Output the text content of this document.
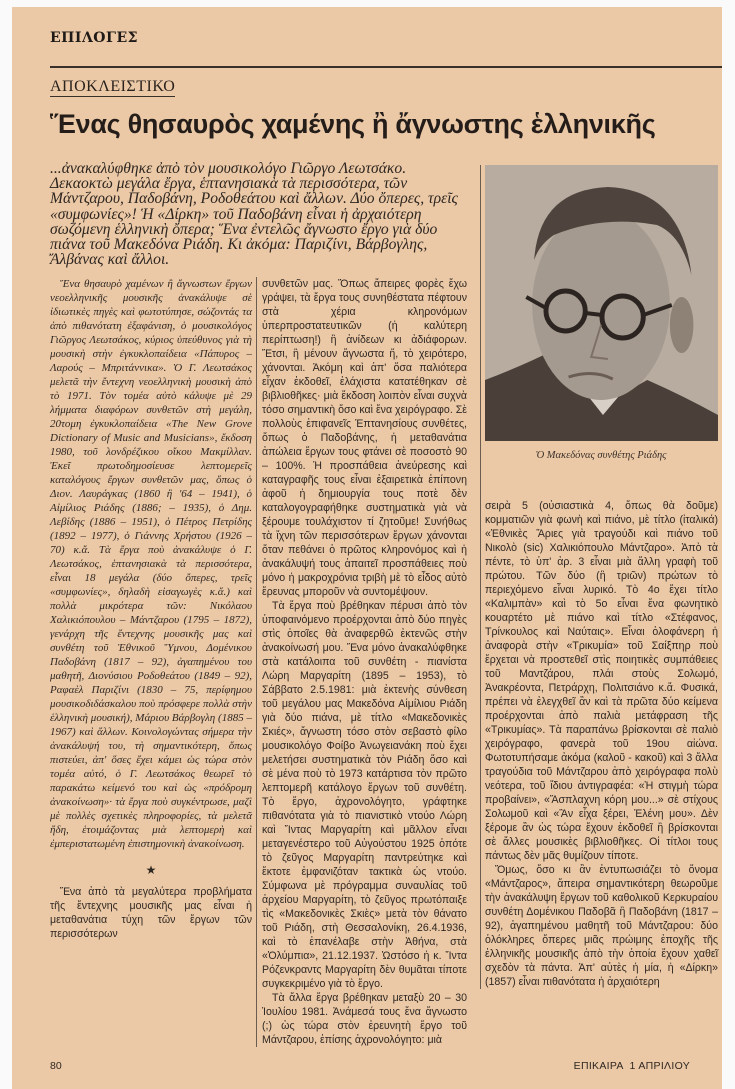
ΕΠΙΛΟΓΕΣ
ΑΠΟΚΛΕΙΣΤΙΚΟ
Ἕνας θησαυρὸς χαμένης ἢ ἄγνωστης ἑλληνικῆς
...ἀνακαλύφθηκε ἀπὸ τὸν μουσικολόγο Γιῶργο Λεωτσάκο. Δεκαοκτὼ μεγάλα ἔργα, ἑπτανησιακὰ τὰ περισσότερα, τῶν Μάντζαρου, Παδοβάνη, Ροδοθεάτου καὶ ἄλλων. Δύο ὄπερες, τρεῖς «συμφωνίες»! Ἡ «Δίρκη» τοῦ Παδοβάνη εἶναι ἡ ἀρχαιότερη σωζόμενη ἑλληνικὴ ὄπερα; Ἕνα ἐντελῶς ἄγνωστο ἔργο γιὰ δύο πιάνα τοῦ Μακεδόνα Ριάδη. Κι ἀκόμα: Παριζίνι, Βάρβογλης, Ἄλβάνας καὶ ἄλλοι.

Ἕνα θησαυρὸ χαμένων ἢ ἄγνωστων ἔργων νεοελληνικῆς μουσικῆς ἀνακάλυψε σὲ ἰδιωτικὲς πηγὲς καὶ φωτοτύπησε, σώζοντάς τα ἀπὸ πιθανότατη ἐξαφάνιση, ὁ μουσικολόγος Γιῶργος Λεωτσάκος, κύριος ὑπεύθυνος γιὰ τὴ μουσικὴ στὴν ἐγκυκλοπαίδεια «Πάπυρος – Λαρούς – Μπριτάννικα». Ὁ Γ. Λεωτσάκος μελετᾶ τὴν ἔντεχνη νεοελληνικὴ μουσικὴ ἀπὸ τὸ 1971. Τὸν τομέα αὐτὸ κάλυψε μὲ 29 λήμματα διαφόρων συνθετῶν στὴ μεγάλη, 20τομη ἐγκυκλοπαίδεια «The New Grove Dictionary of Music and Musicians», ἔκδοση 1980, τοῦ λονδρέζικου οἴκου Μακμίλλαν. Ἐκεῖ πρωτοδημοσίευσε λεπτομερεῖς καταλόγους ἔργων συνθετῶν μας, ὅπως ὁ Διον. Λαυράγκας (1860 ἢ '64 – 1941), ὁ Αἰμίλιος Ριάδης (1886; – 1935), ὁ Δημ. Λεβίδης (1886 – 1951), ὁ Πέτρος Πετρίδης (1892 – 1977), ὁ Γιάννης Χρήστου (1926 – 70) κ.ἄ. Τὰ ἔργα ποὺ ἀνακάλυψε ὁ Γ. Λεωτσάκος, ἑπτανησιακὰ τὰ περισσότερα, εἶναι 18 μεγάλα (δύο ὄπερες, τρεῖς «συμφωνίες», δηλαδὴ εἰσαγωγὲς κ.ἄ.) καὶ πολλὰ μικρότερα τῶν: Νικόλαου Χαλικιόπουλου – Μάντζαρου (1795 – 1872), γενάρχη τῆς ἔντεχνης μουσικῆς μας καὶ συνθέτη τοῦ Ἐθνικοῦ Ὕμνου, Δομένικου Παδοβάνη (1817 – 92), ἀγαπημένου του μαθητῆ, Διονύσιου Ροδοθεάτου (1849 – 92), Ραφαὲλ Παριζίνι (1830 – 75, περίφημου μουσικοδιδάσκαλου ποὺ πρόσφερε πολλὰ στὴν ἑλληνικὴ μουσική), Μάριου Βάρβογλη (1885 – 1967) καὶ ἄλλων. Κοινολογώντας σήμερα τὴν ἀνακάλυψή του, τὴ σημαντικότερη, ὅπως πιστεύει, ἀπ' ὅσες ἔχει κάμει ὡς τώρα στὸν τομέα αὐτό, ὁ Γ. Λεωτσάκος θεωρεῖ τὸ παρακάτω κείμενό του καὶ ὡς «πρόδρομη ἀνακοίνωση»· τὰ ἔργα ποὺ συγκέντρωσε, μαζὶ μὲ πολλὲς σχετικὲς πληροφορίες, τὰ μελετᾶ ἤδη, ἑτοιμάζοντας μιὰ λεπτομερὴ καὶ ἐμπεριστατωμένη ἐπιστημονικὴ ἀνακοίνωση.

★

Ἕνα ἀπὸ τὰ μεγαλύτερα προβλήματα τῆς ἔντεχνης μουσικῆς μας εἶναι ἡ μεταθανάτια τύχη τῶν ἔργων τῶν περισσότερων

συνθετῶν μας. Ὅπως ἄπειρες φορὲς ἔχω γράψει, τὰ ἔργα τους συνηθέστατα πέφτουν στὰ χέρια κληρονόμων ὑπερπροστατευτικῶν (ἡ καλύτερη περίπτωση!) ἢ ἀνίδεων κι ἀδιάφορων. Ἔτσι, ἢ μένουν ἄγνωστα ἤ, τὸ χειρότερο, χάνονται. Ἀκόμη καὶ ἀπ' ὅσα παλιότερα εἶχαν ἐκδοθεῖ, ἐλάχιστα κατατέθηκαν σὲ βιβλιοθῆκες· μιὰ ἔκδοση λοιπὸν εἶναι συχνὰ τόσο σημαντικὴ ὅσο καὶ ἕνα χειρόγραφο. Σὲ πολλοὺς ἐπιφανεῖς Ἑπτανησίους συνθέτες, ὅπως ὁ Παδοβάνης, ἡ μεταθανάτια ἀπώλεια ἔργων τους φτάνει σὲ ποσοστὸ 90 – 100%. Ἡ προσπάθεια ἀνεύρεσης καὶ καταγραφῆς τους εἶναι ἐξαιρετικὰ ἐπίπονη ἀφοῦ ἡ δημιουργία τους ποτὲ δὲν καταλογογραφήθηκε συστηματικὰ γιὰ νὰ ξέρουμε τουλάχιστον τί ζητοῦμε! Συνήθως τὰ ἴχνη τῶν περισσότερων ἔργων χάνονται ὅταν πεθάνει ὁ πρῶτος κληρονόμος καὶ ἡ ἀνακάλυψή τους ἀπαιτεῖ προσπάθειες ποὺ μόνο ἡ μακροχρόνια τριβὴ μὲ τὸ εἶδος αὐτὸ ἔρευνας μποροῦν νὰ συντομέψουν.

Τὰ ἔργα ποὺ βρέθηκαν πέρυσι ἀπὸ τὸν ὑποφαινόμενο προέρχονται ἀπὸ δύο πηγὲς στὶς ὁποῖες θὰ ἀναφερθῶ ἐκτενῶς στὴν ἀνακοίνωσή μου. Ἕνα μόνο ἀνακαλύφθηκε στὰ κατάλοιπα τοῦ συνθέτη - πιανίστα Λώρη Μαργαρίτη (1895 – 1953), τὸ Σάββατο 2.5.1981: μιὰ ἐκτενὴς σύνθεση τοῦ μεγάλου μας Μακεδόνα Αἰμίλιου Ριάδη γιὰ δύο πιάνα, μὲ τίτλο «Μακεδονικὲς Σκιές», ἄγνωστη τόσο στὸν σεβαστὸ φίλο μουσικολόγο Φοίβο Ἀνωγειανάκη ποὺ ἔχει μελετήσει συστηματικὰ τὸν Ριάδη ὅσο καὶ σὲ μένα ποὺ τὸ 1973 κατάρτισα τὸν πρῶτο λεπτομερῆ κατάλογο ἔργων τοῦ συνθέτη. Τὸ ἔργο, ἀχρονολόγητο, γράφτηκε πιθανότατα γιὰ τὸ πιανιστικὸ ντούο Λώρη καὶ Ἴντας Μαργαρίτη καὶ μᾶλλον εἶναι μεταγενέστερο τοῦ Αὐγούστου 1925 ὁπότε τὸ ζεῦγος Μαργαρίτη παντρεύτηκε καὶ ἔκτοτε ἐμφανιζόταν τακτικὰ ὡς ντούο. Σύμφωνα μὲ πρόγραμμα συναυλίας τοῦ ἀρχείου Μαργαρίτη, τὸ ζεῦγος πρωτόπαιξε τὶς «Μακεδονικὲς Σκιὲς» μετὰ τὸν θάνατο τοῦ Ριάδη, στὴ Θεσσαλονίκη, 26.4.1936, καὶ τὸ ἐπανέλαβε στὴν Ἀθήνα, στὰ «Ὀλύμπια», 21.12.1937. Ὡστόσο ἡ κ. Ἴντα Ρόζενκραντς Μαργαρίτη δὲν θυμᾶται τίποτε συγκεκριμένο γιὰ τὸ ἔργο.

Τὰ ἄλλα ἔργα βρέθηκαν μεταξὺ 20 – 30 Ἰουλίου 1981. Ἀνάμεσά τους ἕνα ἄγνωστο (;) ὡς τώρα στὸν ἐρευνητὴ ἔργο τοῦ Μάντζαρου, ἐπίσης ἀχρονολόγητο: μιὰ

Ὁ Μακεδόνας συνθέτης Ριάδης

σειρὰ 5 (οὐσιαστικὰ 4, ὅπως θὰ δοῦμε) κομματιῶν γιὰ φωνὴ καὶ πιάνο, μὲ τίτλο (ἰταλικά) «Ἐθνικὲς Ἄριες γιὰ τραγούδι καὶ πιάνο τοῦ Νικολὸ (sic) Χαλικιόπουλο Μάντζαρο». Ἀπὸ τὰ πέντε, τὸ ὑπ' ἀρ. 3 εἶναι μιὰ ἄλλη γραφὴ τοῦ πρώτου. Τῶν δύο (ἢ τριῶν) πρώτων τὸ περιεχόμενο εἶναι λυρικό. Τὸ 4ο ἔχει τίτλο «Καλιμπὰν» καὶ τὸ 5ο εἶναι ἕνα φωνητικὸ κουαρτέτο μὲ πιάνο καὶ τίτλο «Στέφανος, Τρίνκουλος καὶ Ναύταις». Εἶναι ὁλοφάνερη ἡ ἀναφορὰ στὴν «Τρικυμία» τοῦ Σαίξπηρ ποὺ ἔρχεται νὰ προστεθεῖ στὶς ποιητικὲς συμπάθειες τοῦ Μαντζάρου, πλάι στοὺς Σολωμό, Ἀνακρέοντα, Πετράρχη, Πολιτσιάνο κ.ἄ. Φυσικά, πρέπει νὰ ἐλεγχθεῖ ἂν καὶ τὰ πρῶτα δύο κείμενα προέρχονται ἀπὸ παλιὰ μετάφραση τῆς «Τρικυμίας». Τὰ παραπάνω βρίσκονται σὲ παλιὸ χειρόγραφο, φανερὰ τοῦ 19ου αἰώνα. Φωτοτυπήσαμε ἀκόμα (καλοῦ - κακοῦ) καὶ 3 ἄλλα τραγούδια τοῦ Μάντζαρου ἀπὸ χειρόγραφα πολὺ νεότερα, τοῦ ἴδιου ἀντιγραφέα: «Ἡ στιγμὴ τώρα προβαίνει», «Ἄσπλαχνη κόρη μου...» σὲ στίχους Σολωμοῦ καὶ «Ἂν εἶχα ξέρει, Ἑλένη μου». Δὲν ξέρομε ἂν ὡς τώρα ἔχουν ἐκδοθεῖ ἢ βρίσκονται σὲ ἄλλες μουσικὲς βιβλιοθῆκες. Οἱ τίτλοι τους πάντως δὲν μᾶς θυμίζουν τίποτε.

Ὅμως, ὅσο κι ἂν ἐντυπωσιάζει τὸ ὄνομα «Μάντζαρος», ἄπειρα σημαντικότερη θεωροῦμε τὴν ἀνακάλυψη ἔργων τοῦ καθολικοῦ Κερκυραίου συνθέτη Δομένικου Παδοβᾶ ἢ Παδοβάνη (1817 – 92), ἀγαπημένου μαθητῆ τοῦ Μάντζαρου: δύο ὁλόκληρες ὄπερες μιᾶς πρώιμης ἐποχῆς τῆς ἑλληνικῆς μουσικῆς ἀπὸ τὴν ὁποία ἔχουν χαθεῖ σχεδὸν τὰ πάντα. Ἀπ' αὐτὲς ἡ μία, ἡ «Δίρκη» (1857) εἶναι πιθανότατα ἡ ἀρχαιότερη

80	ΕΠΙΚΑΙΡΑ  1 ΑΠΡΙΛΙΟΥ
